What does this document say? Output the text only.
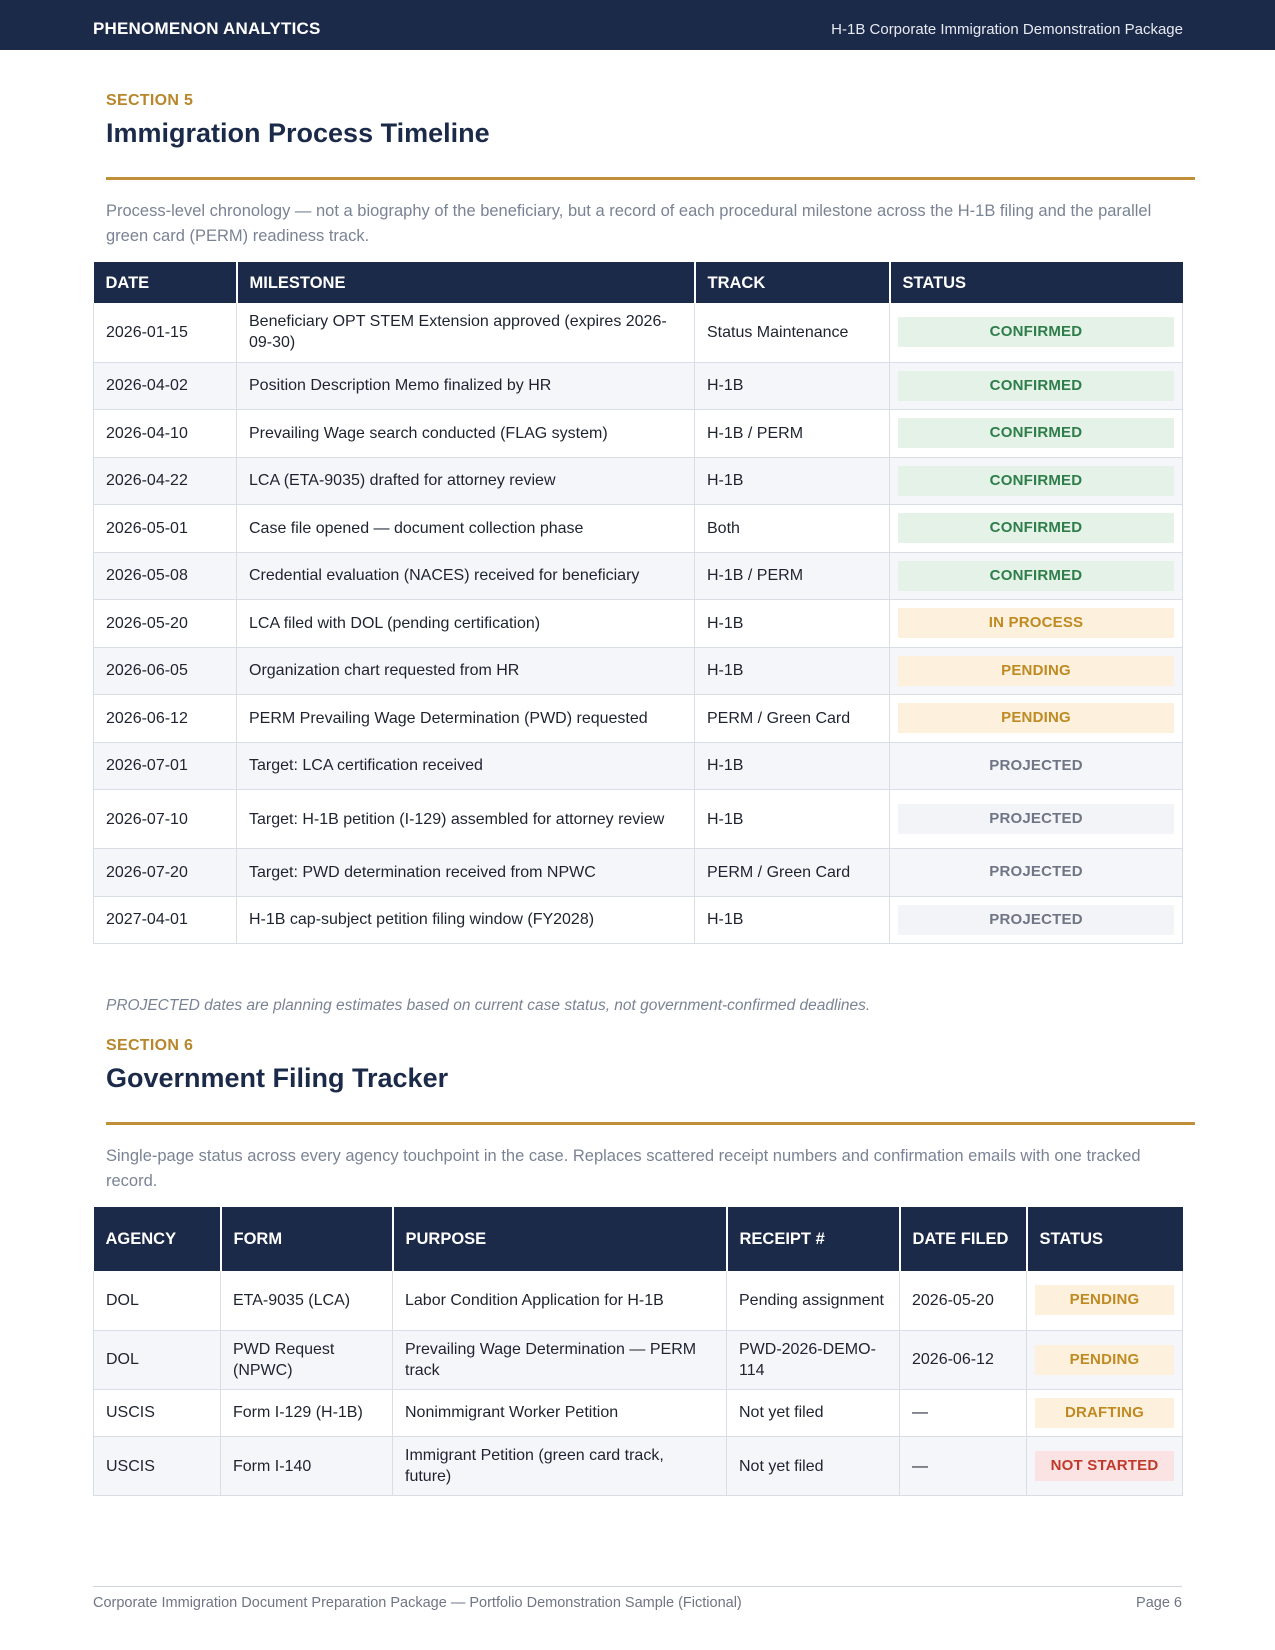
PHENOMENON ANALYTICS	H-1B Corporate Immigration Demonstration Package
SECTION 5
Immigration Process Timeline
Process-level chronology — not a biography of the beneficiary, but a record of each procedural milestone across the H-1B filing and the parallel green card (PERM) readiness track.
DATE	MILESTONE	TRACK	STATUS
2026-01-15	Beneficiary OPT STEM Extension approved (expires 2026-09-30)	Status Maintenance	CONFIRMED

2026-04-02	Position Description Memo finalized by HR	H-1B	CONFIRMED

2026-04-10	Prevailing Wage search conducted (FLAG system)	H-1B / PERM	CONFIRMED

2026-04-22	LCA (ETA-9035) drafted for attorney review	H-1B	CONFIRMED

2026-05-01	Case file opened — document collection phase	Both	CONFIRMED

2026-05-08	Credential evaluation (NACES) received for beneficiary	H-1B / PERM	CONFIRMED

2026-05-20	LCA filed with DOL (pending certification)	H-1B	IN PROCESS

2026-06-05	Organization chart requested from HR	H-1B	PENDING

2026-06-12	PERM Prevailing Wage Determination (PWD) requested	PERM / Green Card	PENDING

2026-07-01	Target: LCA certification received	H-1B	PROJECTED

2026-07-10	Target: H-1B petition (I-129) assembled for attorney review	H-1B	PROJECTED

2026-07-20	Target: PWD determination received from NPWC	PERM / Green Card	PROJECTED

2027-04-01	H-1B cap-subject petition filing window (FY2028)	H-1B	PROJECTED
PROJECTED dates are planning estimates based on current case status, not government-confirmed deadlines.
SECTION 6
Government Filing Tracker
Single-page status across every agency touchpoint in the case. Replaces scattered receipt numbers and confirmation emails with one tracked record.
AGENCY	FORM	PURPOSE	RECEIPT #	DATE FILED	STATUS
DOL	ETA-9035 (LCA)	Labor Condition Application for H-1B	Pending assignment	2026-05-20	PENDING

DOL	PWD Request (NPWC)	Prevailing Wage Determination — PERM track	PWD-2026-DEMO-114	2026-06-12	PENDING

USCIS	Form I-129 (H-1B)	Nonimmigrant Worker Petition	Not yet filed	—	DRAFTING

USCIS	Form I-140	Immigrant Petition (green card track, future)	Not yet filed	—	NOT STARTED
Corporate Immigration Document Preparation Package — Portfolio Demonstration Sample (Fictional)	Page 6
